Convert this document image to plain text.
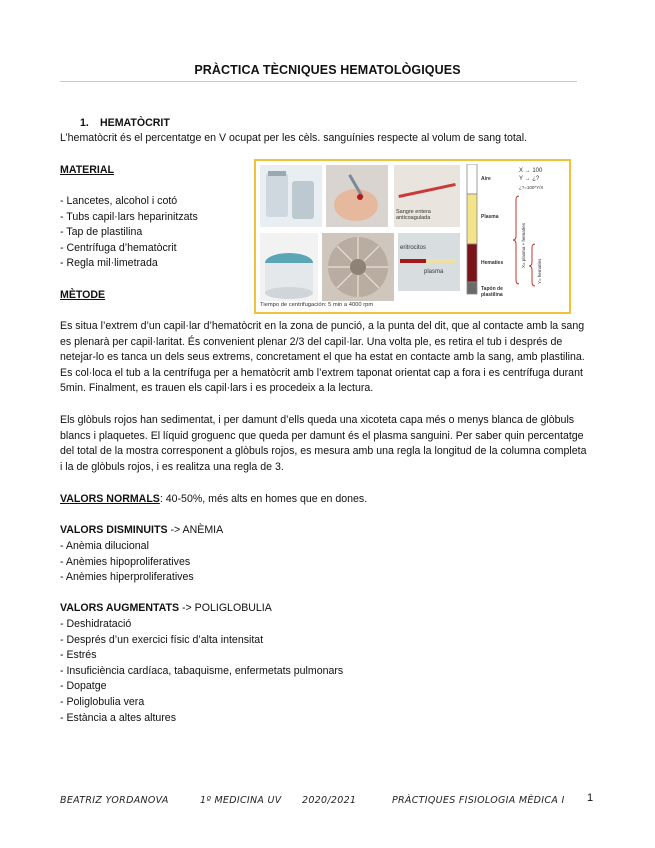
PRÀCTICA TÈCNIQUES HEMATOLÒGIQUES
1. HEMATÒCRIT
L’hematòcrit és el percentatge en V ocupat per les cèls. sanguínies respecte al volum de sang total.
MATERIAL
- Lancetes, alcohol i cotó
- Tubs capil·lars heparinitzats
- Tap de plastilina
- Centrífuga d’hematòcrit
- Regla mil·limetrada
MÈTODE
Sangre entera anticoagulada
eritrocitos
plasma
Tiempo de centrifugación: 5 min a 4000 rpm
Aire
Plasma
Hematíes
Tapón de plastilina
X → 100
Y → ¿?
¿?=100*Y/X
X= plasma + hematíes
Y= hematíes
Es situa l’extrem d’un capil·lar d’hematòcrit en la zona de punció, a la punta del dit, que al contacte amb la sang es plenarà per capil·laritat. És convenient plenar 2/3 del capil·lar. Una volta ple, es retira el tub i després de netejar-lo es tanca un dels seus extrems, concretament el que ha estat en contacte amb la sang, amb plastilina. Es col·loca el tub a la centrífuga per a hematòcrit amb l’extrem taponat orientat cap a fora i es centrífuga durant 5min. Finalment, es trauen els capil·lars i es procedeix a la lectura.
Els glòbuls rojos han sedimentat, i per damunt d’ells queda una xicoteta capa més o menys blanca de glòbuls blancs i plaquetes. El líquid groguenc que queda per damunt és el plasma sanguini. Per saber quin percentatge del total de la mostra corresponent a glòbuls rojos, es mesura amb una regla la longitud de la columna completa i la de glòbuls rojos, i es realitza una regla de 3.
VALORS NORMALS: 40-50%, més alts en homes que en dones.
VALORS DISMINUITS -> ANÈMIA
- Anèmia dilucional
- Anèmies hipoproliferatives
- Anèmies hiperproliferatives
VALORS AUGMENTATS -> POLIGLOBULIA
- Deshidratació
- Després d’un exercici físic d’alta intensitat
- Estrés
- Insuficiència cardíaca, tabaquisme, enfermetats pulmonars
- Dopatge
- Poliglobulia vera
- Estància a altes altures
BEATRIZ YORDANOVA	1º MEDICINA UV 2020/2021	PRÀCTIQUES FISIOLOGIA MÈDICA I 1
